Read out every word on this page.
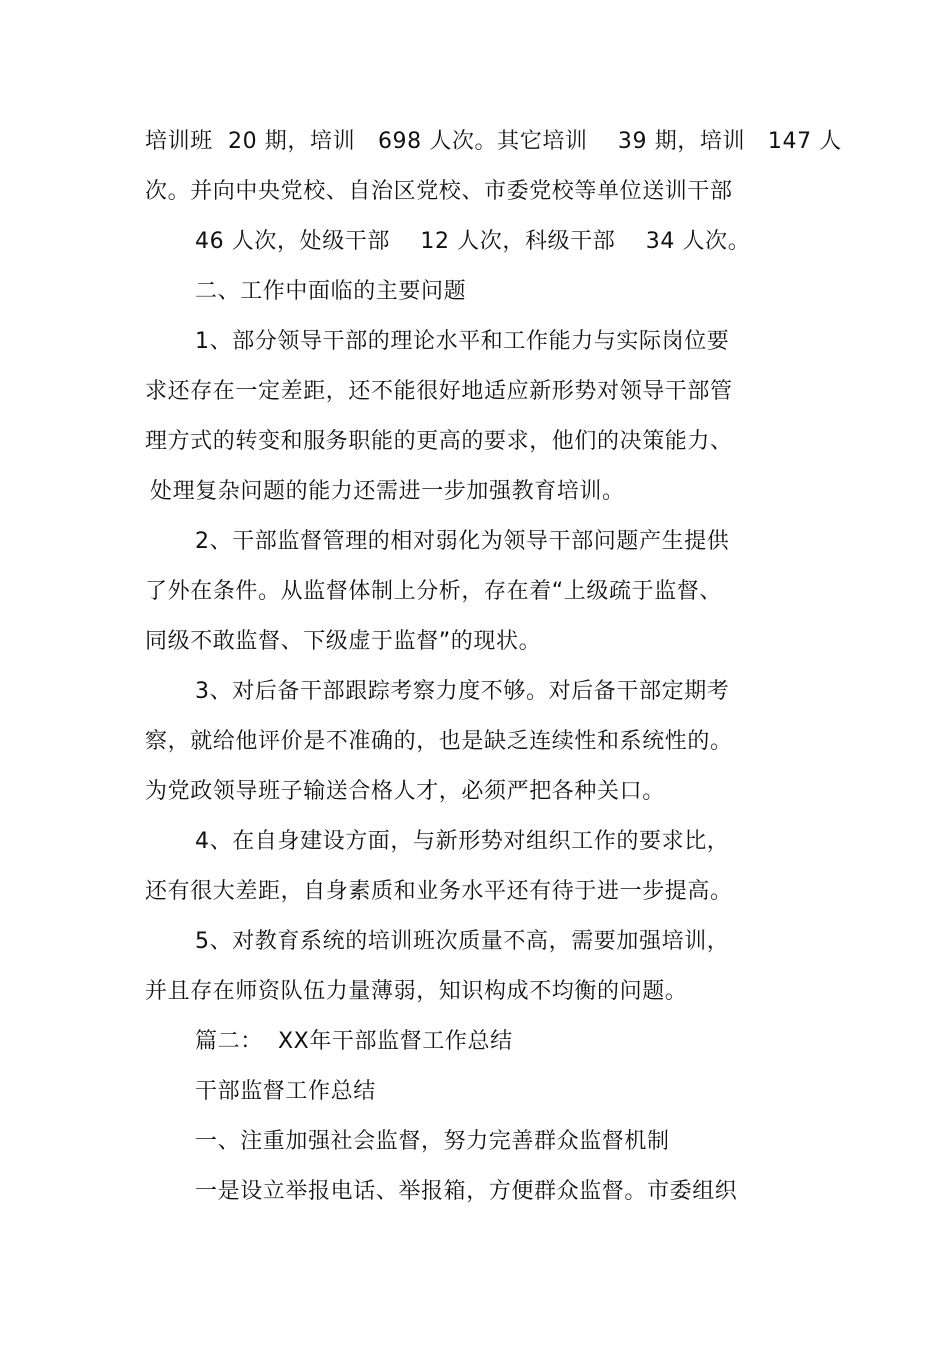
培训班  20 期，培训   698 人次。其它培训    39 期，培训   147 人
次。并向中央党校、自治区党校、市委党校等单位送训干部
46 人次，处级干部    12 人次，科级干部    34 人次。
二、工作中面临的主要问题
1、部分领导干部的理论水平和工作能力与实际岗位要
求还存在一定差距，还不能很好地适应新形势对领导干部管
理方式的转变和服务职能的更高的要求，他们的决策能力、
处理复杂问题的能力还需进一步加强教育培训。
2、干部监督管理的相对弱化为领导干部问题产生提供
了外在条件。从监督体制上分析，存在着“上级疏于监督、
同级不敢监督、下级虚于监督”的现状。
3、对后备干部跟踪考察力度不够。对后备干部定期考
察，就给他评价是不准确的，也是缺乏连续性和系统性的。
为党政领导班子输送合格人才，必须严把各种关口。
4、在自身建设方面，与新形势对组织工作的要求比，
还有很大差距，自身素质和业务水平还有待于进一步提高。
5、对教育系统的培训班次质量不高，需要加强培训，
并且存在师资队伍力量薄弱，知识构成不均衡的问题。
篇二：  XX年干部监督工作总结
干部监督工作总结
一、注重加强社会监督，努力完善群众监督机制
一是设立举报电话、举报箱，方便群众监督。市委组织
